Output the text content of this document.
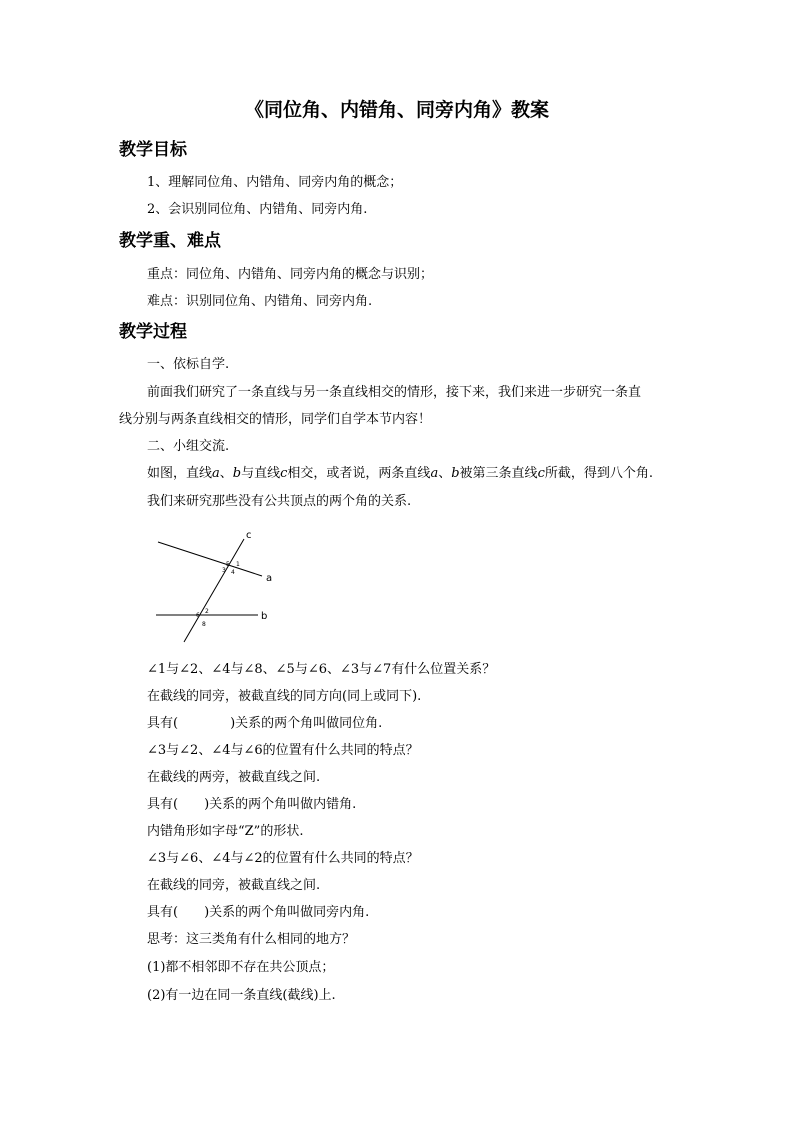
《同位角、内错角、同旁内角》教案
教学目标
1、理解同位角、内错角、同旁内角的概念；
2、会识别同位角、内错角、同旁内角.
教学重、难点
重点：同位角、内错角、同旁内角的概念与识别；
难点：识别同位角、内错角、同旁内角.
教学过程
一、依标自学.
前面我们研究了一条直线与另一条直线相交的情形，接下来，我们来进一步研究一条直
线分别与两条直线相交的情形，同学们自学本节内容！
二、小组交流.
如图，直线a、b与直线c相交，或者说，两条直线a、b被第三条直线c所截，得到八个角.
我们来研究那些没有公共顶点的两个角的关系.
c
a
b
5 1
3 4
2
6
8
∠1与∠2、∠4与∠8、∠5与∠6、∠3与∠7有什么位置关系？
在截线的同旁，被截直线的同方向(同上或同下).
具有(　　　　)关系的两个角叫做同位角.
∠3与∠2、∠4与∠6的位置有什么共同的特点？
在截线的两旁，被截直线之间.
具有(　　)关系的两个角叫做内错角.
内错角形如字母“Z”的形状.
∠3与∠6、∠4与∠2的位置有什么共同的特点？
在截线的同旁，被截直线之间.
具有(　　)关系的两个角叫做同旁内角.
思考：这三类角有什么相同的地方？
(1)都不相邻即不存在共公顶点；
(2)有一边在同一条直线(截线)上.
